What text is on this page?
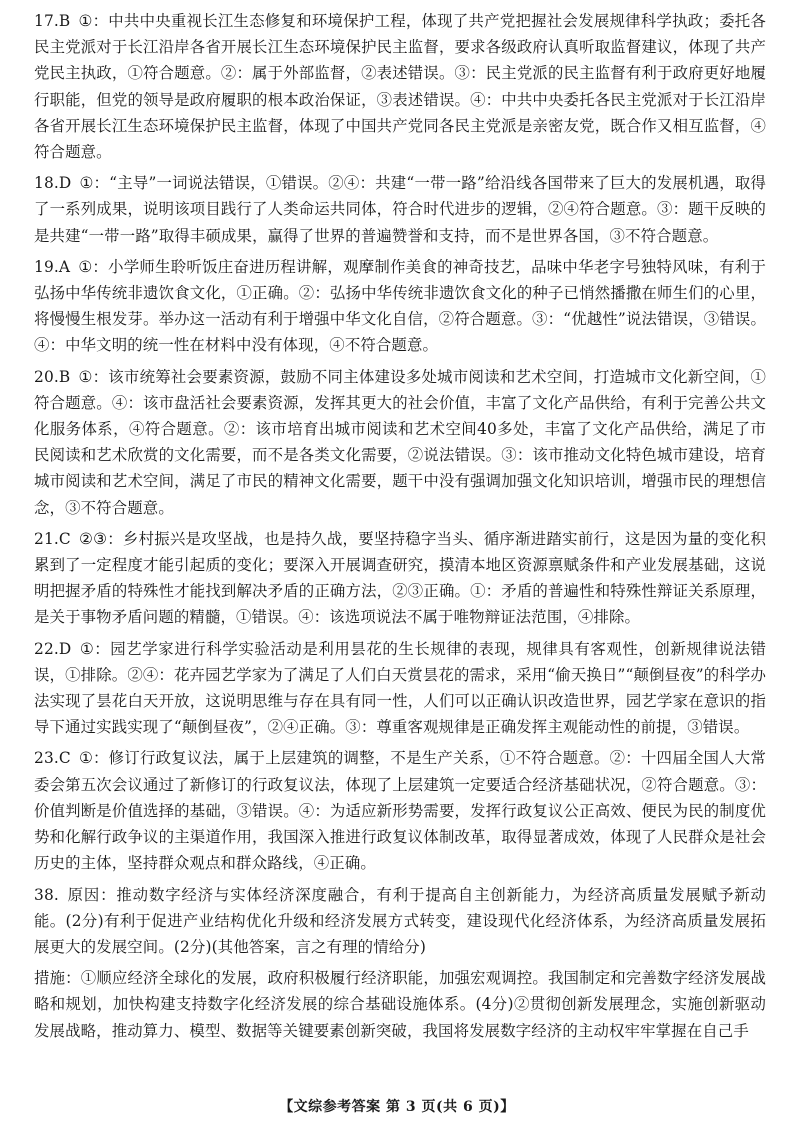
17.B ①：中共中央重视长江生态修复和环境保护工程，体现了共产党把握社会发展规律科学执政；委托各民主党派对于长江沿岸各省开展长江生态环境保护民主监督，要求各级政府认真听取监督建议，体现了共产党民主执政，①符合题意。②：属于外部监督，②表述错误。③：民主党派的民主监督有利于政府更好地履行职能，但党的领导是政府履职的根本政治保证，③表述错误。④：中共中央委托各民主党派对于长江沿岸各省开展长江生态环境保护民主监督，体现了中国共产党同各民主党派是亲密友党，既合作又相互监督，④符合题意。

18.D ①：“主导”一词说法错误，①错误。②④：共建“一带一路”给沿线各国带来了巨大的发展机遇，取得了一系列成果，说明该项目践行了人类命运共同体，符合时代进步的逻辑，②④符合题意。③：题干反映的是共建“一带一路”取得丰硕成果，赢得了世界的普遍赞誉和支持，而不是世界各国，③不符合题意。

19.A ①：小学师生聆听饭庄奋进历程讲解，观摩制作美食的神奇技艺，品味中华老字号独特风味，有利于弘扬中华传统非遗饮食文化，①正确。②：弘扬中华传统非遗饮食文化的种子已悄然播撒在师生们的心里，将慢慢生根发芽。举办这一活动有利于增强中华文化自信，②符合题意。③：“优越性”说法错误，③错误。④：中华文明的统一性在材料中没有体现，④不符合题意。

20.B ①：该市统筹社会要素资源，鼓励不同主体建设多处城市阅读和艺术空间，打造城市文化新空间，①符合题意。④：该市盘活社会要素资源，发挥其更大的社会价值，丰富了文化产品供给，有利于完善公共文化服务体系，④符合题意。②：该市培育出城市阅读和艺术空间40多处，丰富了文化产品供给，满足了市民阅读和艺术欣赏的文化需要，而不是各类文化需要，②说法错误。③：该市推动文化特色城市建设，培育城市阅读和艺术空间，满足了市民的精神文化需要，题干中没有强调加强文化知识培训，增强市民的理想信念，③不符合题意。

21.C ②③：乡村振兴是攻坚战，也是持久战，要坚持稳字当头、循序渐进踏实前行，这是因为量的变化积累到了一定程度才能引起质的变化；要深入开展调查研究，摸清本地区资源禀赋条件和产业发展基础，这说明把握矛盾的特殊性才能找到解决矛盾的正确方法，②③正确。①：矛盾的普遍性和特殊性辩证关系原理，是关于事物矛盾问题的精髓，①错误。④：该选项说法不属于唯物辩证法范围，④排除。

22.D ①：园艺学家进行科学实验活动是利用昙花的生长规律的表现，规律具有客观性，创新规律说法错误，①排除。②④：花卉园艺学家为了满足了人们白天赏昙花的需求，采用“偷天换日”“颠倒昼夜”的科学办法实现了昙花白天开放，这说明思维与存在具有同一性，人们可以正确认识改造世界，园艺学家在意识的指导下通过实践实现了“颠倒昼夜”，②④正确。③：尊重客观规律是正确发挥主观能动性的前提，③错误。

23.C ①：修订行政复议法，属于上层建筑的调整，不是生产关系，①不符合题意。②：十四届全国人大常委会第五次会议通过了新修订的行政复议法，体现了上层建筑一定要适合经济基础状况，②符合题意。③：价值判断是价值选择的基础，③错误。④：为适应新形势需要，发挥行政复议公正高效、便民为民的制度优势和化解行政争议的主渠道作用，我国深入推进行政复议体制改革，取得显著成效，体现了人民群众是社会历史的主体，坚持群众观点和群众路线，④正确。

38. 原因：推动数字经济与实体经济深度融合，有利于提高自主创新能力，为经济高质量发展赋予新动能。(2分)有利于促进产业结构优化升级和经济发展方式转变，建设现代化经济体系，为经济高质量发展拓展更大的发展空间。(2分)(其他答案，言之有理的情给分)

措施：①顺应经济全球化的发展，政府积极履行经济职能，加强宏观调控。我国制定和完善数字经济发展战略和规划，加快构建支持数字化经济发展的综合基础设施体系。(4分)②贯彻创新发展理念，实施创新驱动发展战略，推动算力、模型、数据等关键要素创新突破，我国将发展数字经济的主动权牢牢掌握在自己手

【文综参考答案 第 3 页(共 6 页)】
